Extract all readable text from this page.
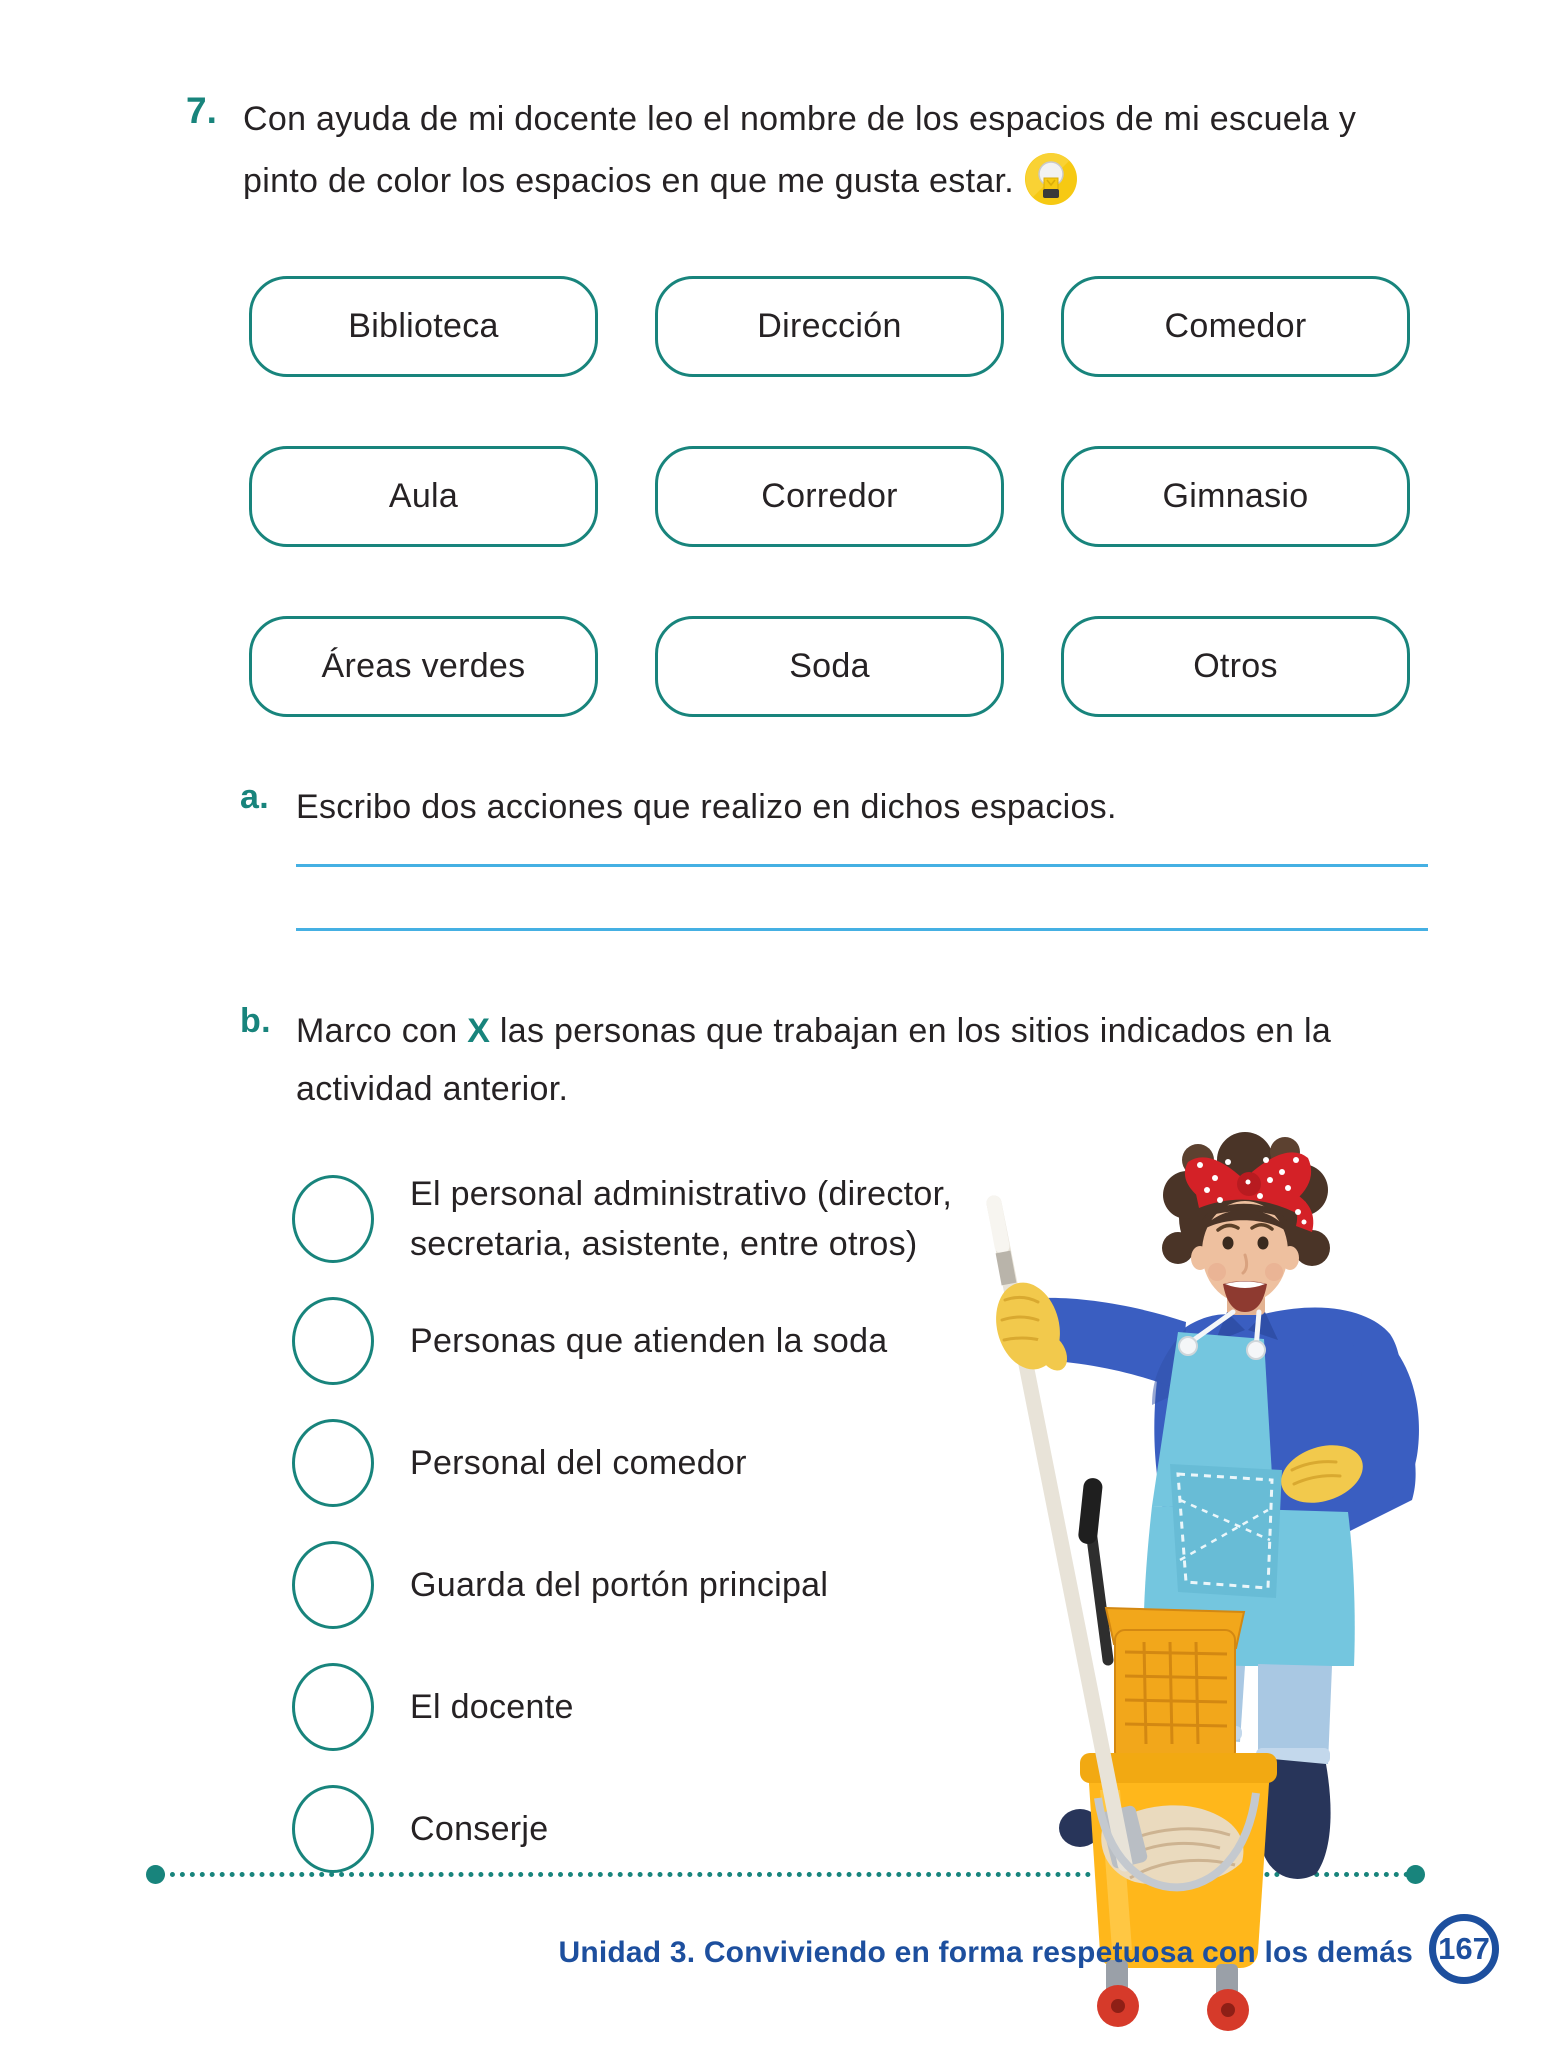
7. Con ayuda de mi docente leo el nombre de los espacios de mi escuela y pinto de color los espacios en que me gusta estar.
Biblioteca	Dirección	Comedor
Aula	Corredor	Gimnasio
Áreas verdes	Soda	Otros
a. Escribo dos acciones que realizo en dichos espacios.
b. Marco con X las personas que trabajan en los sitios indicados en la actividad anterior.
El personal administrativo (director, secretaria, asistente, entre otros)
Personas que atienden la soda
Personal del comedor
Guarda del portón principal
El docente
Conserje
Unidad 3. Conviviendo en forma respetuosa con los demás 167
